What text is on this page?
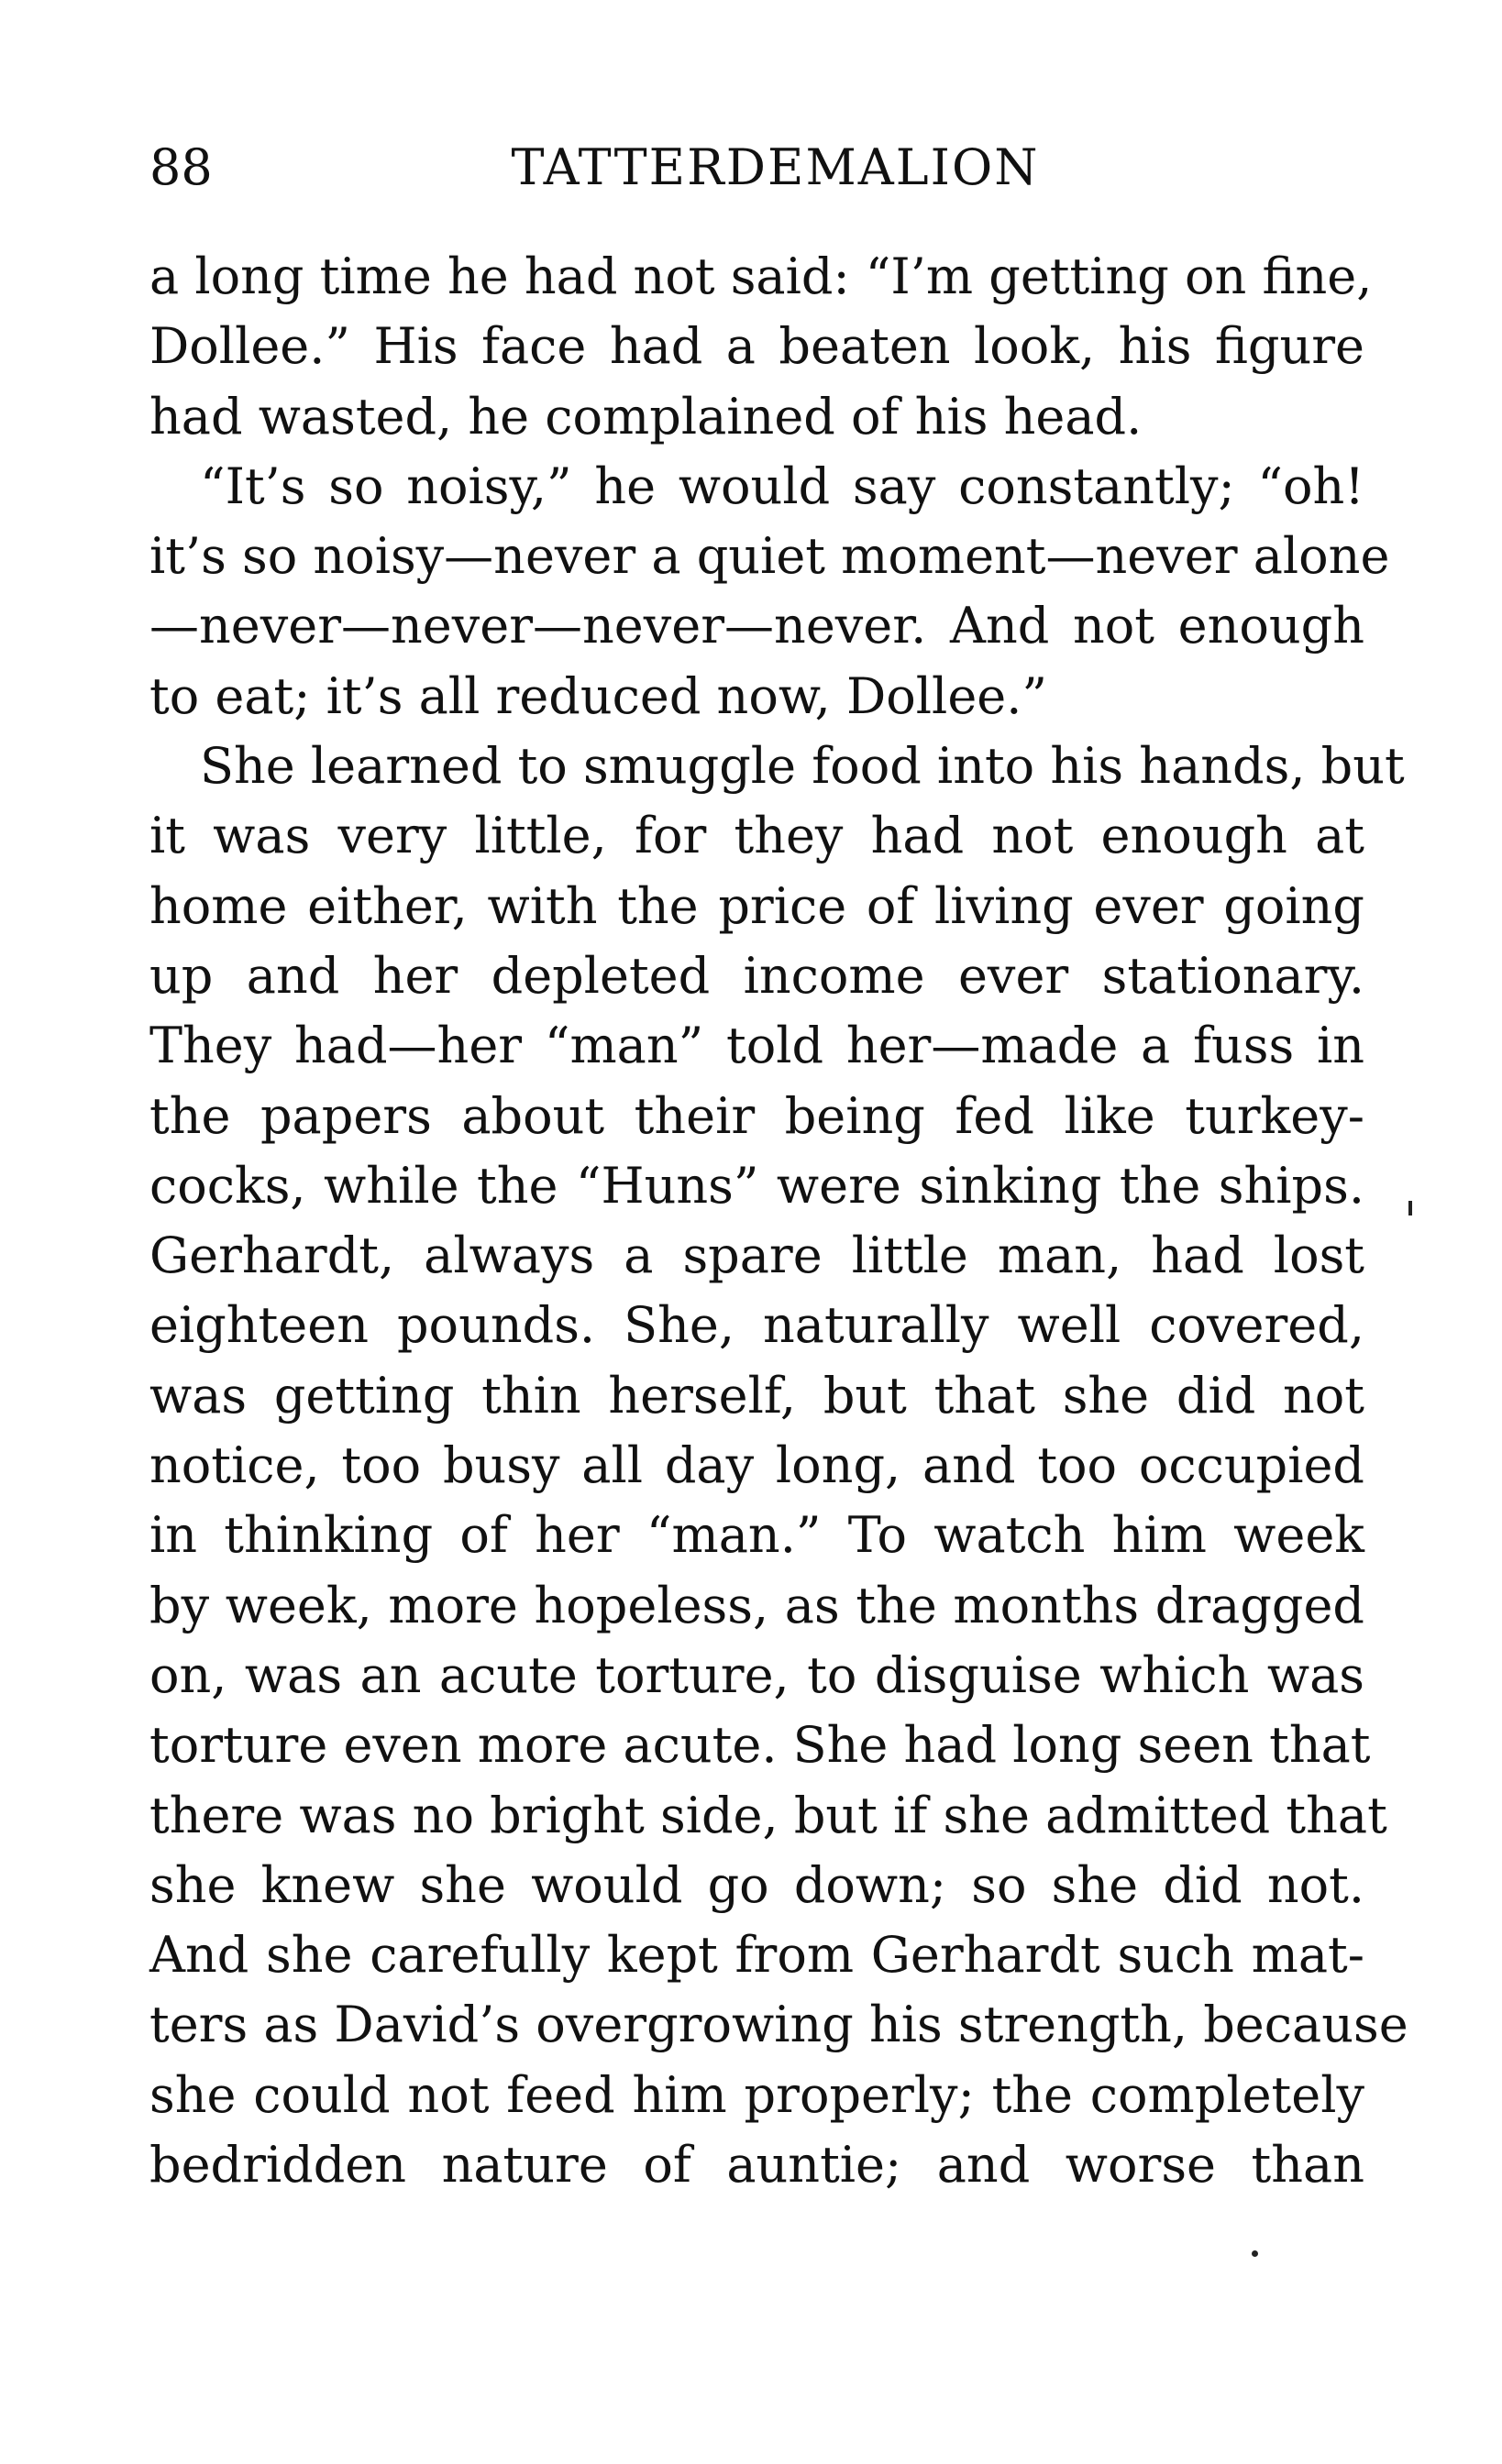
88	TATTERDEMALION
a long time he had not said: “I’m getting on fine,
Dollee.” His face had a beaten look, his figure
had wasted, he complained of his head.
“It’s so noisy,” he would say constantly; “oh!
it’s so noisy—never a quiet moment—never alone
—never—never—never—never. And not enough
to eat; it’s all reduced now, Dollee.”
She learned to smuggle food into his hands, but
it was very little, for they had not enough at
home either, with the price of living ever going
up and her depleted income ever stationary.
They had—her “man” told her—made a fuss in
the papers about their being fed like turkey-
cocks, while the “Huns” were sinking the ships.
Gerhardt, always a spare little man, had lost
eighteen pounds. She, naturally well covered,
was getting thin herself, but that she did not
notice, too busy all day long, and too occupied
in thinking of her “man.” To watch him week
by week, more hopeless, as the months dragged
on, was an acute torture, to disguise which was
torture even more acute. She had long seen that
there was no bright side, but if she admitted that
she knew she would go down; so she did not.
And she carefully kept from Gerhardt such mat-
ters as David’s overgrowing his strength, because
she could not feed him properly; the completely
bedridden nature of auntie; and worse than
